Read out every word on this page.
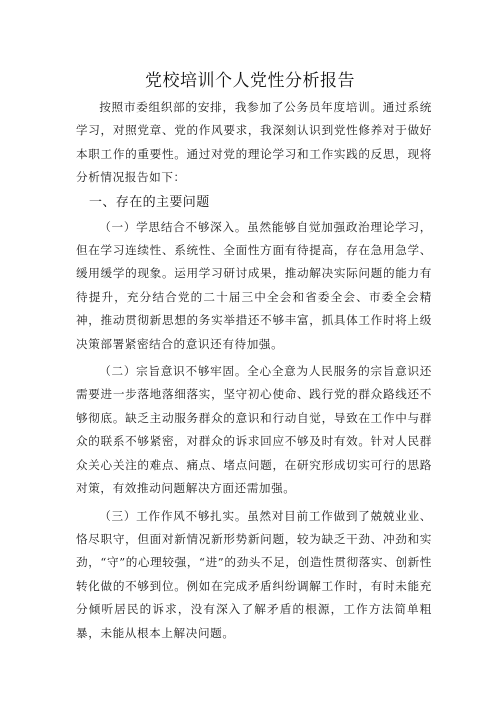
党校培训个人党性分析报告

按照市委组织部的安排，我参加了公务员年度培训。通过系统学习，对照党章、党的作风要求，我深刻认识到党性修养对于做好本职工作的重要性。通过对党的理论学习和工作实践的反思，现将分析情况报告如下：

一、存在的主要问题

（一）学思结合不够深入。虽然能够自觉加强政治理论学习，但在学习连续性、系统性、全面性方面有待提高，存在急用急学、缓用缓学的现象。运用学习研讨成果，推动解决实际问题的能力有待提升，充分结合党的二十届三中全会和省委全会、市委全会精神，推动贯彻新思想的务实举措还不够丰富，抓具体工作时将上级决策部署紧密结合的意识还有待加强。

（二）宗旨意识不够牢固。全心全意为人民服务的宗旨意识还需要进一步落地落细落实，坚守初心使命、践行党的群众路线还不够彻底。缺乏主动服务群众的意识和行动自觉，导致在工作中与群众的联系不够紧密，对群众的诉求回应不够及时有效。针对人民群众关心关注的难点、痛点、堵点问题，在研究形成切实可行的思路对策，有效推动问题解决方面还需加强。

（三）工作作风不够扎实。虽然对目前工作做到了兢兢业业、恪尽职守，但面对新情况新形势新问题，较为缺乏干劲、冲劲和实劲，“守”的心理较强，“进”的劲头不足，创造性贯彻落实、创新性转化做的不够到位。例如在完成矛盾纠纷调解工作时，有时未能充分倾听居民的诉求，没有深入了解矛盾的根源，工作方法简单粗暴，未能从根本上解决问题。
